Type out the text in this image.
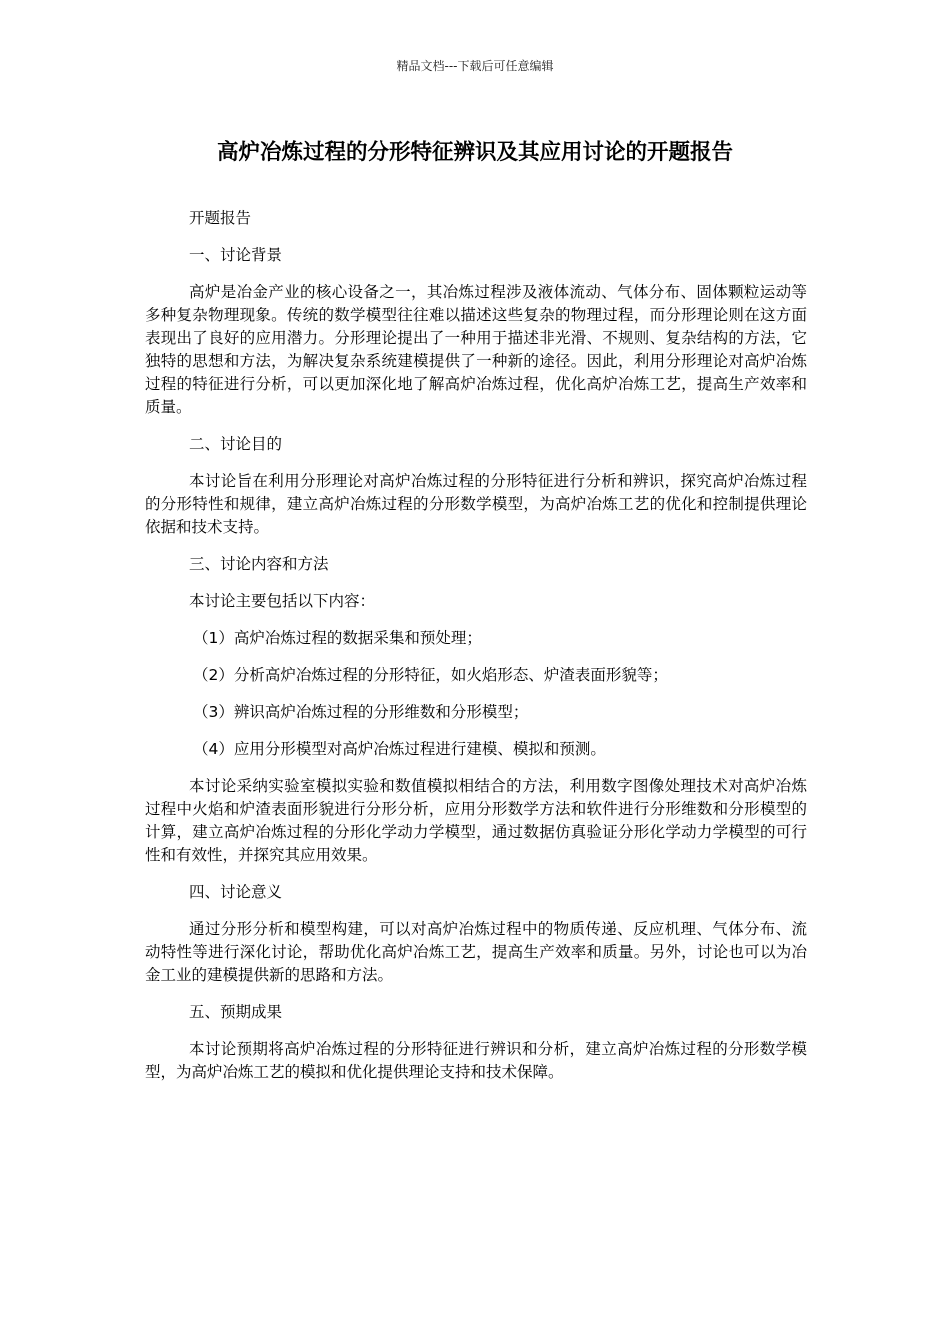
精品文档---下载后可任意编辑
高炉冶炼过程的分形特征辨识及其应用讨论的开题报告

开题报告

一、讨论背景

高炉是冶金产业的核心设备之一，其冶炼过程涉及液体流动、气体分布、固体颗粒运动等多种复杂物理现象。传统的数学模型往往难以描述这些复杂的物理过程，而分形理论则在这方面表现出了良好的应用潜力。分形理论提出了一种用于描述非光滑、不规则、复杂结构的方法，它独特的思想和方法，为解决复杂系统建模提供了一种新的途径。因此，利用分形理论对高炉冶炼过程的特征进行分析，可以更加深化地了解高炉冶炼过程，优化高炉冶炼工艺，提高生产效率和质量。

二、讨论目的

本讨论旨在利用分形理论对高炉冶炼过程的分形特征进行分析和辨识，探究高炉冶炼过程的分形特性和规律，建立高炉冶炼过程的分形数学模型，为高炉冶炼工艺的优化和控制提供理论依据和技术支持。

三、讨论内容和方法

本讨论主要包括以下内容：

（1）高炉冶炼过程的数据采集和预处理；

（2）分析高炉冶炼过程的分形特征，如火焰形态、炉渣表面形貌等；

（3）辨识高炉冶炼过程的分形维数和分形模型；

（4）应用分形模型对高炉冶炼过程进行建模、模拟和预测。

本讨论采纳实验室模拟实验和数值模拟相结合的方法，利用数字图像处理技术对高炉冶炼过程中火焰和炉渣表面形貌进行分形分析，应用分形数学方法和软件进行分形维数和分形模型的计算，建立高炉冶炼过程的分形化学动力学模型，通过数据仿真验证分形化学动力学模型的可行性和有效性，并探究其应用效果。

四、讨论意义

通过分形分析和模型构建，可以对高炉冶炼过程中的物质传递、反应机理、气体分布、流动特性等进行深化讨论，帮助优化高炉冶炼工艺，提高生产效率和质量。另外，讨论也可以为冶金工业的建模提供新的思路和方法。

五、预期成果

本讨论预期将高炉冶炼过程的分形特征进行辨识和分析，建立高炉冶炼过程的分形数学模型，为高炉冶炼工艺的模拟和优化提供理论支持和技术保障。
